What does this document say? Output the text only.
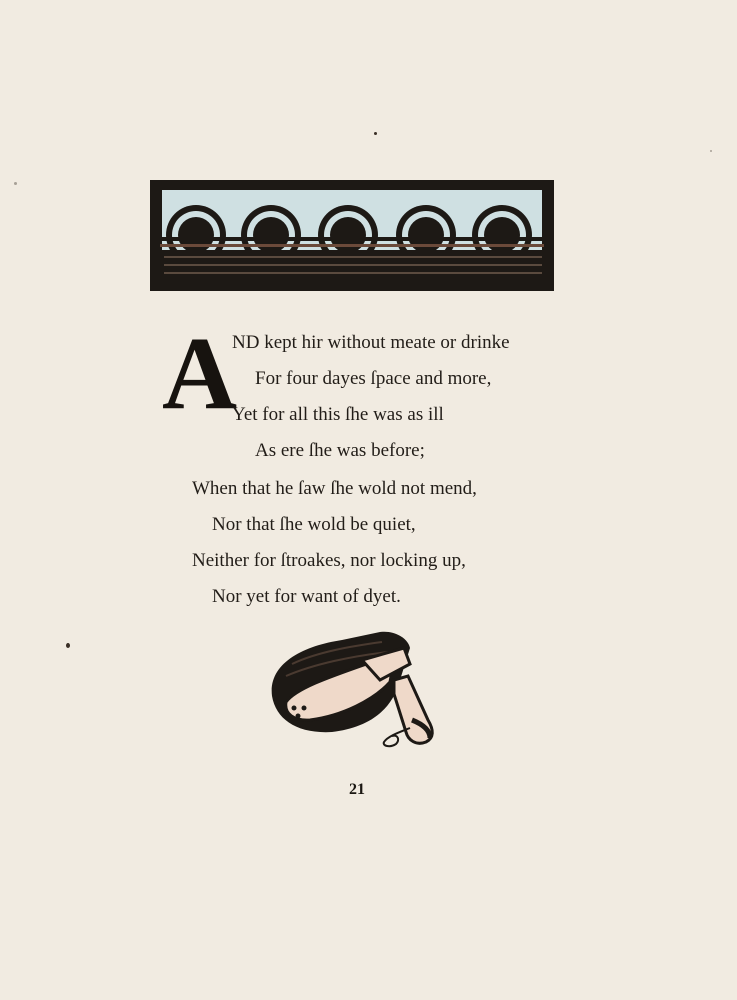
A
ND kept hir without meate or drinke
For four dayes ſpace and more,
Yet for all this ſhe was as ill
As ere ſhe was before;
When that he ſaw ſhe wold not mend,
Nor that ſhe wold be quiet,
Neither for ſtroakes, nor locking up,
Nor yet for want of dyet.
21
